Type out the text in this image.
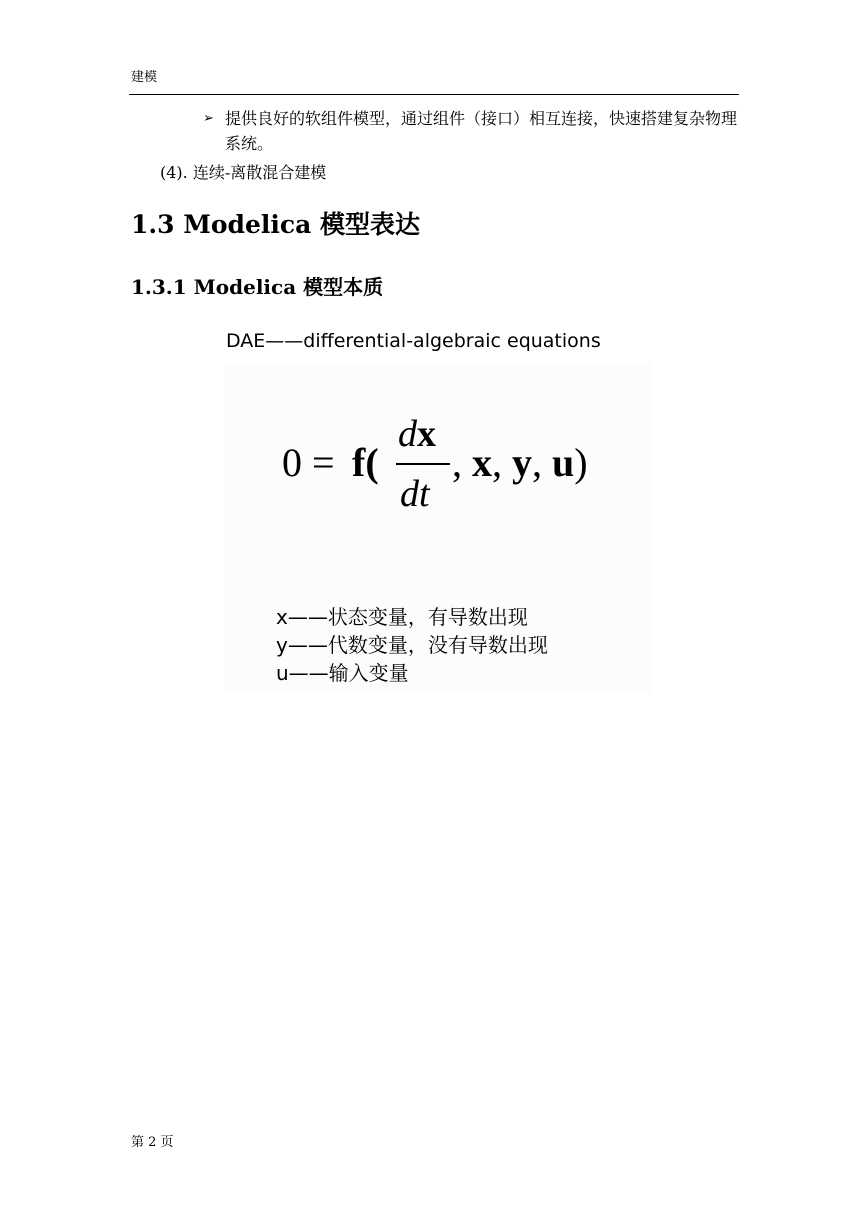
建模
➢ 提供良好的软组件模型，通过组件（接口）相互连接，快速搭建复杂物理系统。
(4). 连续-离散混合建模
1.3 Modelica 模型表达
1.3.1 Modelica 模型本质
DAE——differential-algebraic equations
0 = f(
dx
dt
, x, y, u)
x——状态变量，有导数出现
y——代数变量，没有导数出现
u——输入变量
第 2 页
